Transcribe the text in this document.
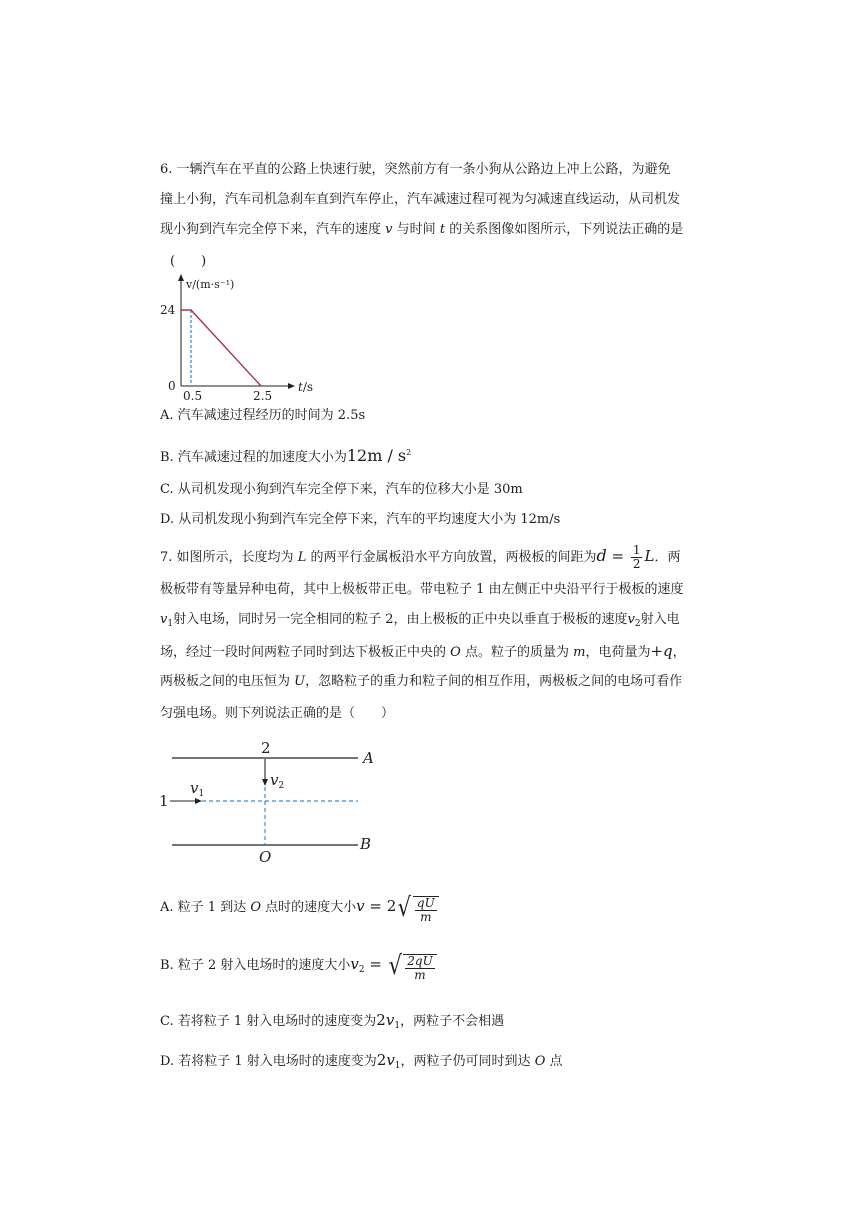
6. 一辆汽车在平直的公路上快速行驶，突然前方有一条小狗从公路边上冲上公路，为避免
撞上小狗，汽车司机急刹车直到汽车停止，汽车减速过程可视为匀减速直线运动，从司机发
现小狗到汽车完全停下来，汽车的速度 v 与时间 t 的关系图像如图所示，下列说法正确的是
(　　)
v/(m·s⁻¹)
24
0
0.5	2.5
t/s
A. 汽车减速过程经历的时间为 2.5s
B. 汽车减速过程的加速度大小为$12m / s^2$
C. 从司机发现小狗到汽车完全停下来，汽车的位移大小是 30m
D. 从司机发现小狗到汽车完全停下来，汽车的平均速度大小为 12m/s
7. 如图所示，长度均为 L 的两平行金属板沿水平方向放置，两极板的间距为$d = \frac{1}{2}$ L．两
极板带有等量异种电荷，其中上极板带正电。带电粒子 1 由左侧正中央沿平行于极板的速度
$v_1$射入电场，同时另一完全相同的粒子 2，由上极板的正中央以垂直于极板的速度$v_2$射入电
场，经过一段时间两粒子同时到达下极板正中央的 O 点。粒子的质量为 m，电荷量为+q，
两极板之间的电压恒为 U，忽略粒子的重力和粒子间的相互作用，两极板之间的电场可看作
匀强电场。则下列说法正确的是（　　）
2
A
$v_1$
1
$v_2$
B
O
A. 粒子 1 到达 O 点时的速度大小v = 2 √ $\frac{qU}{m}$
B. 粒子 2 射入电场时的速度大小$v_2$ = √ $\frac{2qU}{m}$
C. 若将粒子 1 射入电场时的速度变为$2v_1$，两粒子不会相遇
D. 若将粒子 1 射入电场时的速度变为$2v_1$，两粒子仍可同时到达 O 点
